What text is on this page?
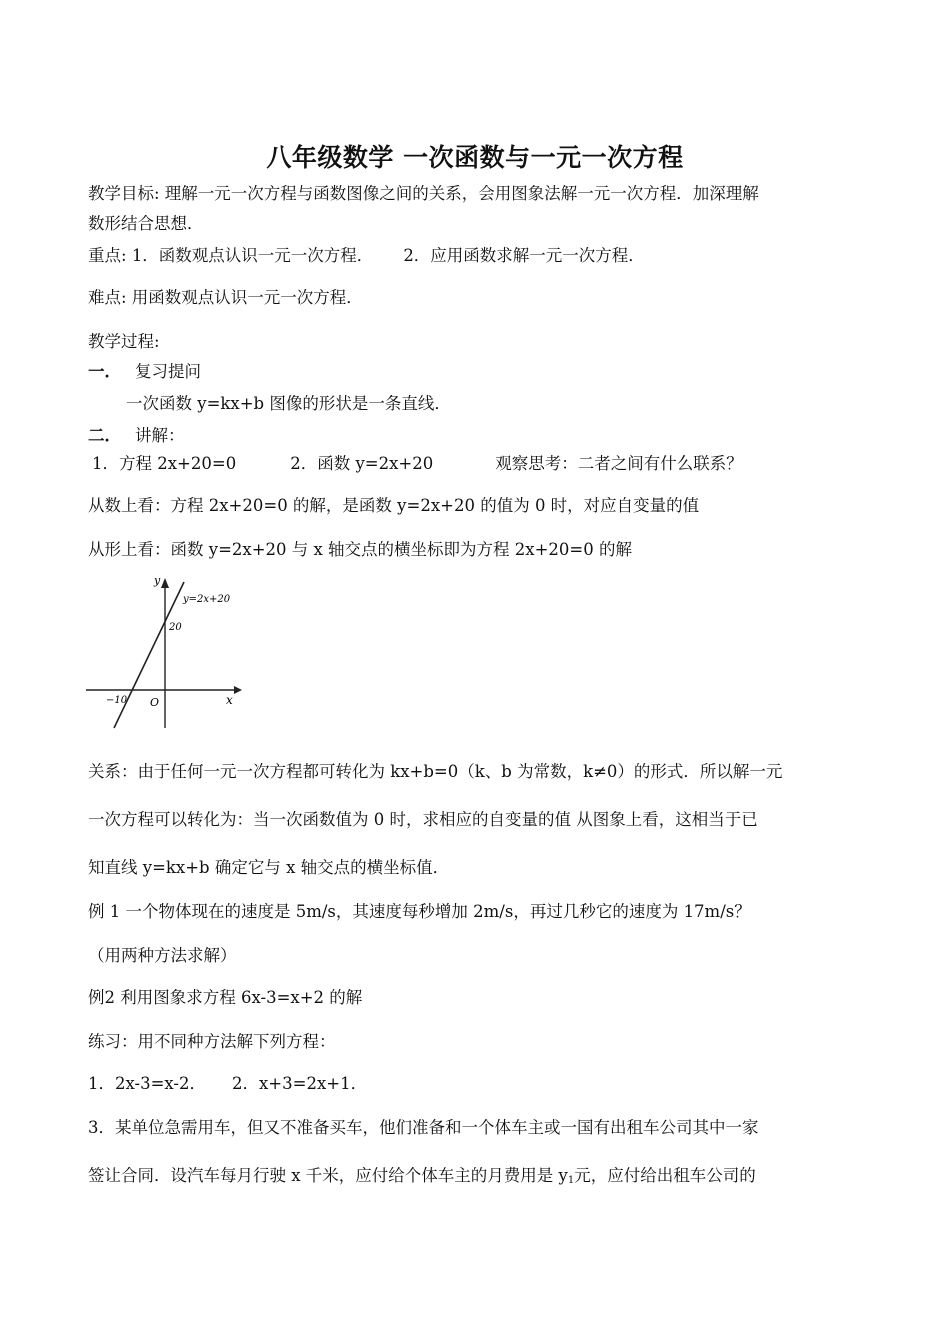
八年级数学 一次函数与一元一次方程
教学目标: 理解一元一次方程与函数图像之间的关系，会用图象法解一元一次方程．加深理解
数形结合思想．
重点: 1．函数观点认识一元一次方程． 2．应用函数求解一元一次方程．
难点: 用函数观点认识一元一次方程．
教学过程:
一． 复习提问
一次函数 y=kx+b 图像的形状是一条直线．
二． 讲解：
1．方程 2x+20=0	2．函数 y=2x+20	观察思考：二者之间有什么联系？
从数上看：方程 2x+20=0 的解，是函数 y=2x+20 的值为 0 时，对应自变量的值
从形上看：函数 y=2x+20 与 x 轴交点的横坐标即为方程 2x+20=0 的解
y
x
y=2x+20
20
−10 O
关系：由于任何一元一次方程都可转化为 kx+b=0（k、b 为常数，k≠0）的形式．所以解一元
一次方程可以转化为：当一次函数值为 0 时，求相应的自变量的值 从图象上看，这相当于已
知直线 y=kx+b 确定它与 x 轴交点的横坐标值．
例 1 一个物体现在的速度是 5m/s，其速度每秒增加 2m/s，再过几秒它的速度为 17m/s？
（用两种方法求解）
例2 利用图象求方程 6x-3=x+2 的解
练习：用不同种方法解下列方程：
1．2x-3=x-2． 2．x+3=2x+1．
3．某单位急需用车，但又不准备买车，他们准备和一个体车主或一国有出租车公司其中一家
签让合同．设汽车每月行驶 x 千米，应付给个体车主的月费用是 $y_1$元，应付给出租车公司的
